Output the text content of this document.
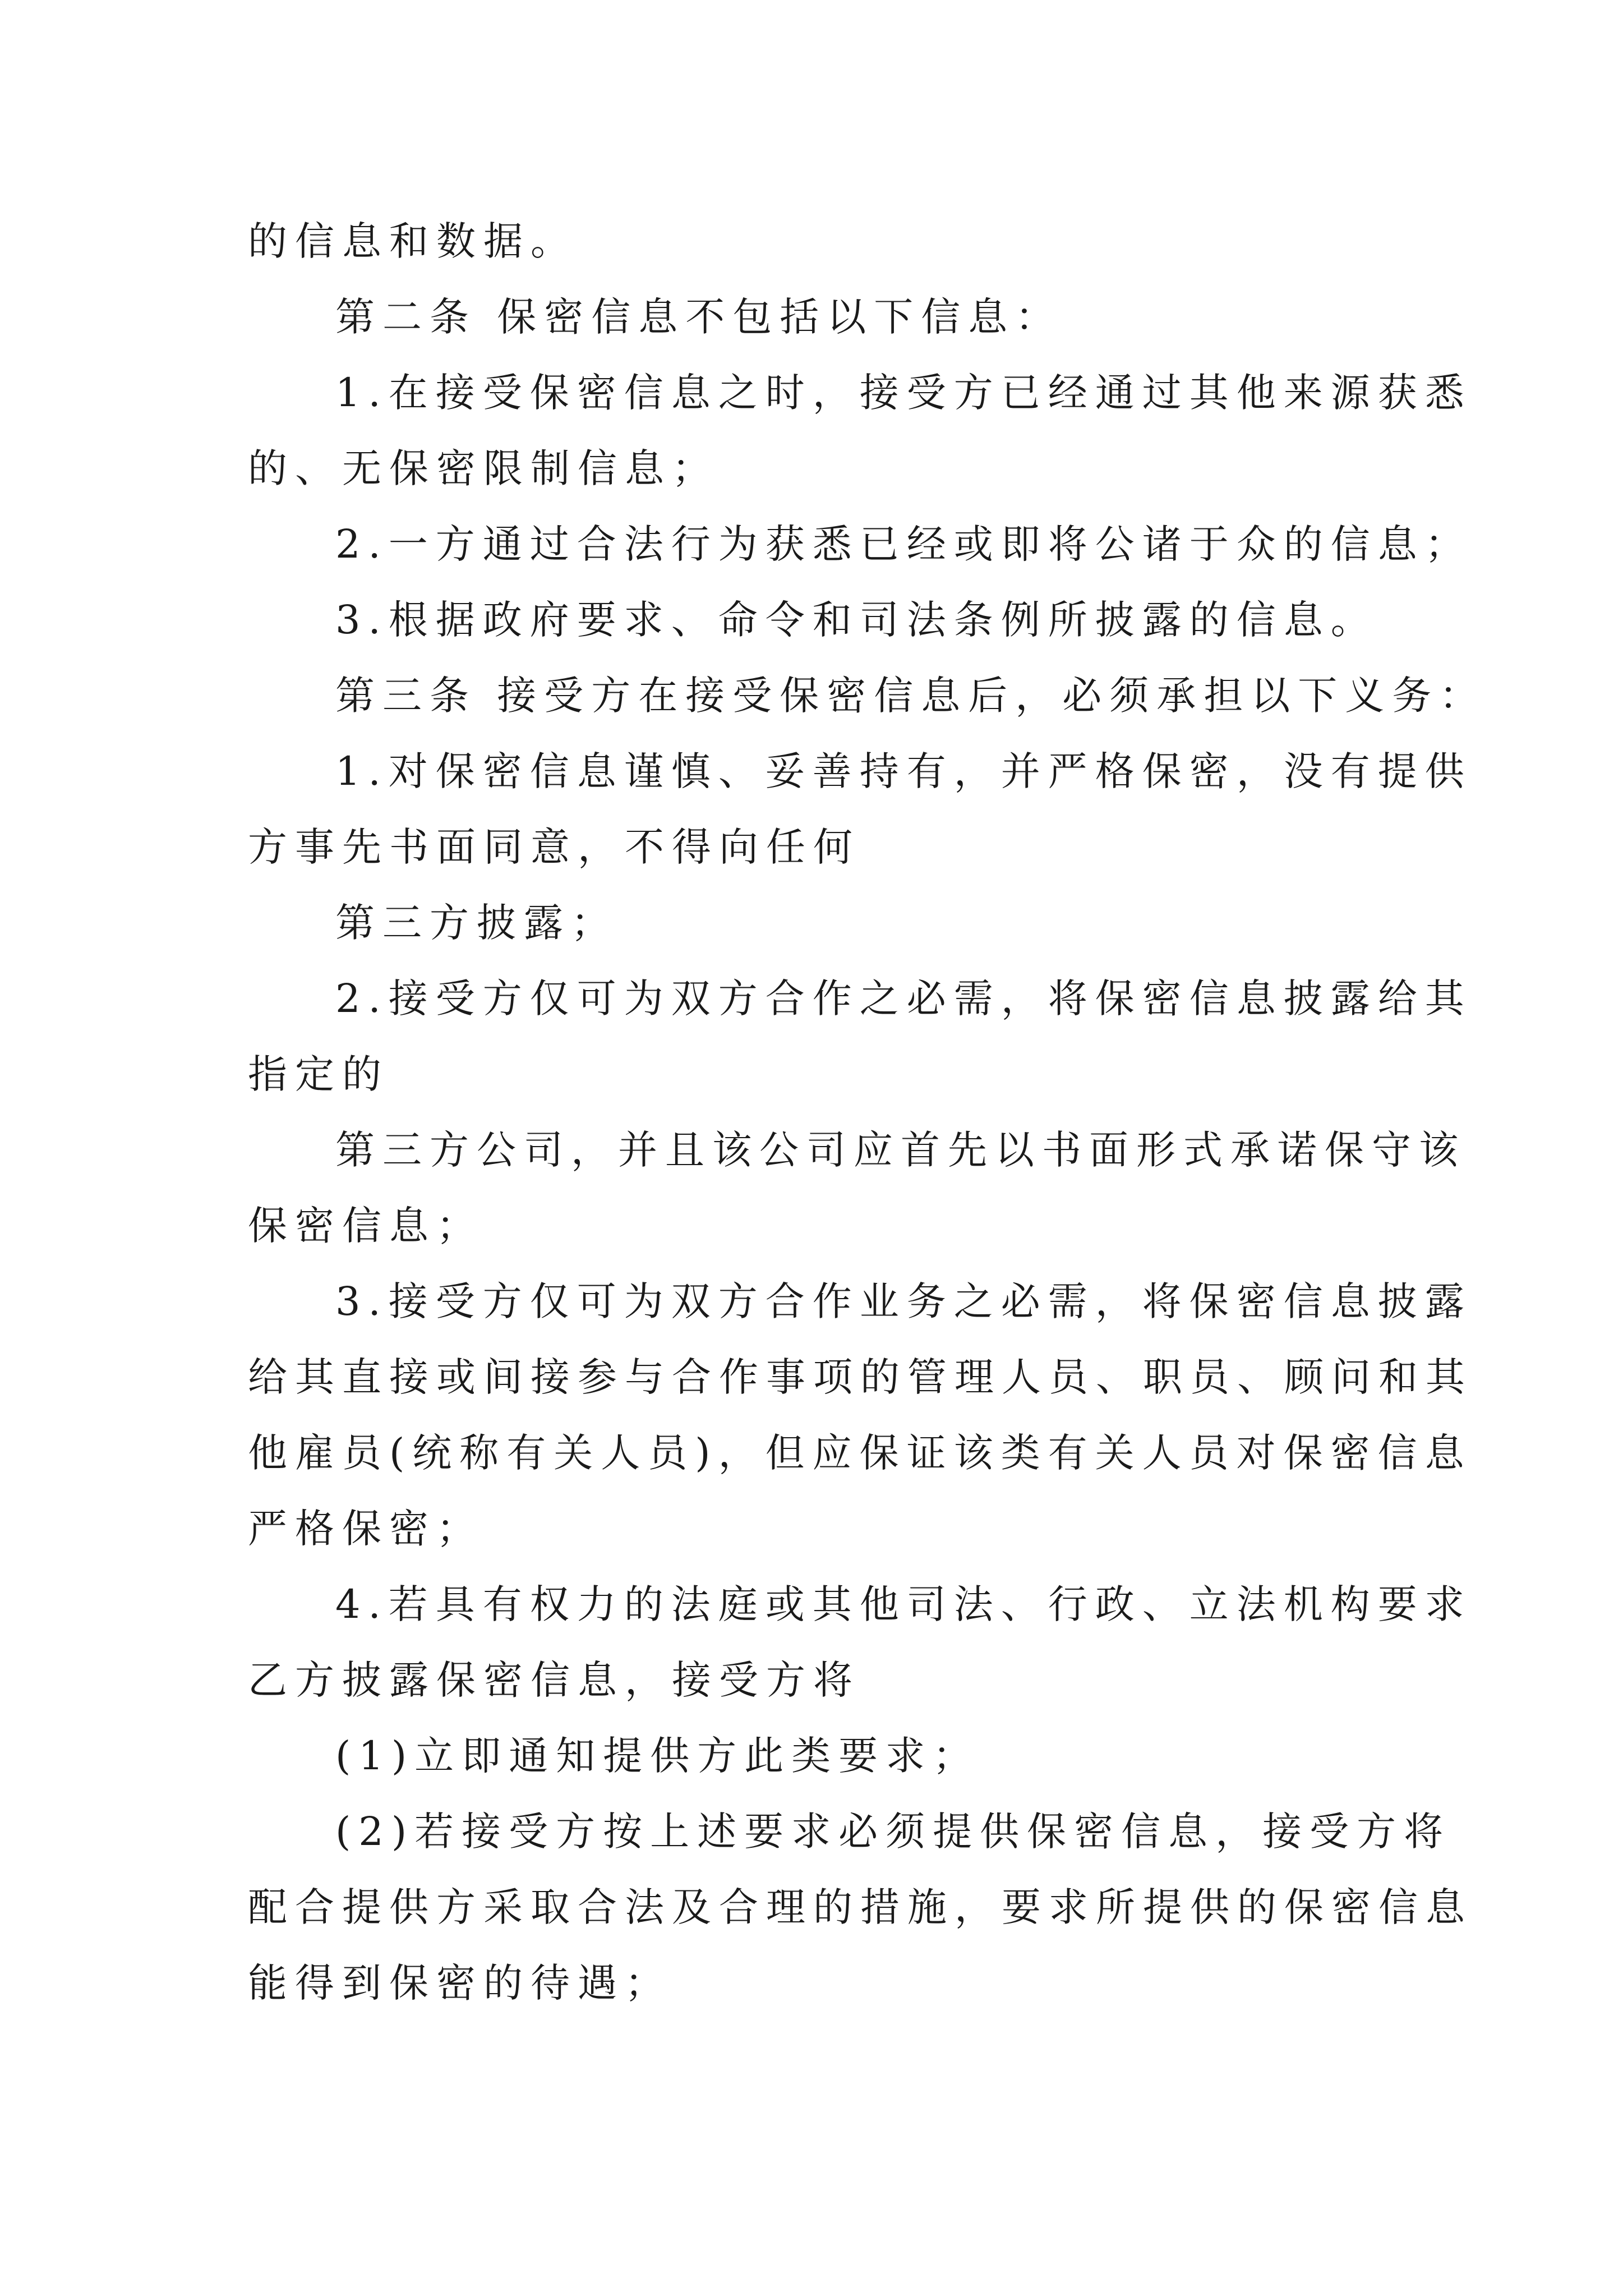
的信息和数据。
第二条 保密信息不包括以下信息：
1.在接受保密信息之时，接受方已经通过其他来源获悉
的、无保密限制信息；
2.一方通过合法行为获悉已经或即将公诸于众的信息；
3.根据政府要求、命令和司法条例所披露的信息。
第三条 接受方在接受保密信息后，必须承担以下义务：
1.对保密信息谨慎、妥善持有，并严格保密，没有提供
方事先书面同意，不得向任何
第三方披露；
2.接受方仅可为双方合作之必需，将保密信息披露给其
指定的
第三方公司，并且该公司应首先以书面形式承诺保守该
保密信息；
3.接受方仅可为双方合作业务之必需，将保密信息披露
给其直接或间接参与合作事项的管理人员、职员、顾问和其
他雇员(统称有关人员)，但应保证该类有关人员对保密信息
严格保密；
4.若具有权力的法庭或其他司法、行政、立法机构要求
乙方披露保密信息，接受方将
(1)立即通知提供方此类要求；
(2)若接受方按上述要求必须提供保密信息，接受方将
配合提供方采取合法及合理的措施，要求所提供的保密信息
能得到保密的待遇；
